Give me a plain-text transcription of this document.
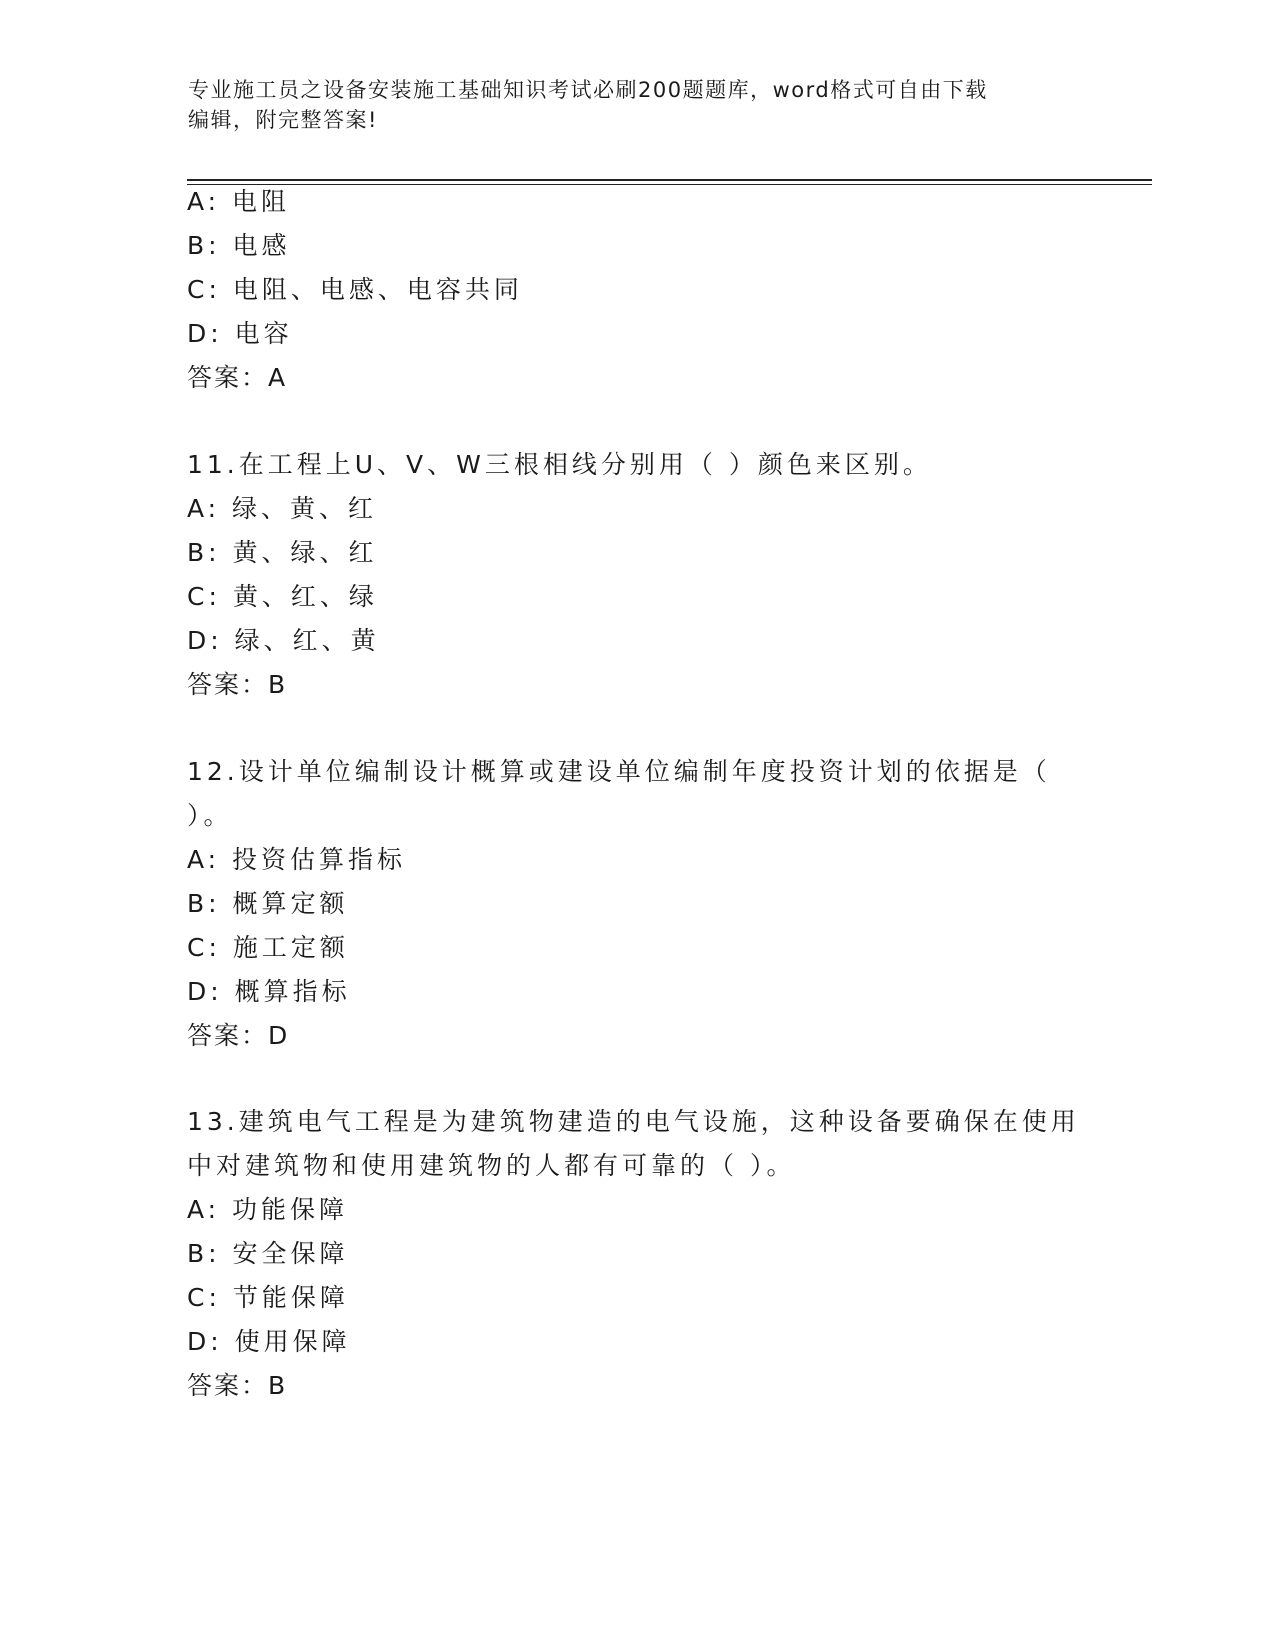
专业施工员之设备安装施工基础知识考试必刷200题题库，word格式可自由下载
编辑，附完整答案!
A: 电阻
B: 电感
C: 电阻、电感、电容共同
D: 电容
答案：A
11.在工程上U、V、W三根相线分别用（ ）颜色来区别。
A: 绿、黄、红
B: 黄、绿、红
C: 黄、红、绿
D: 绿、红、黄
答案：B
12.设计单位编制设计概算或建设单位编制年度投资计划的依据是（
）。
A: 投资估算指标
B: 概算定额
C: 施工定额
D: 概算指标
答案：D
13.建筑电气工程是为建筑物建造的电气设施，这种设备要确保在使用
中对建筑物和使用建筑物的人都有可靠的（ ）。
A: 功能保障
B: 安全保障
C: 节能保障
D: 使用保障
答案：B
